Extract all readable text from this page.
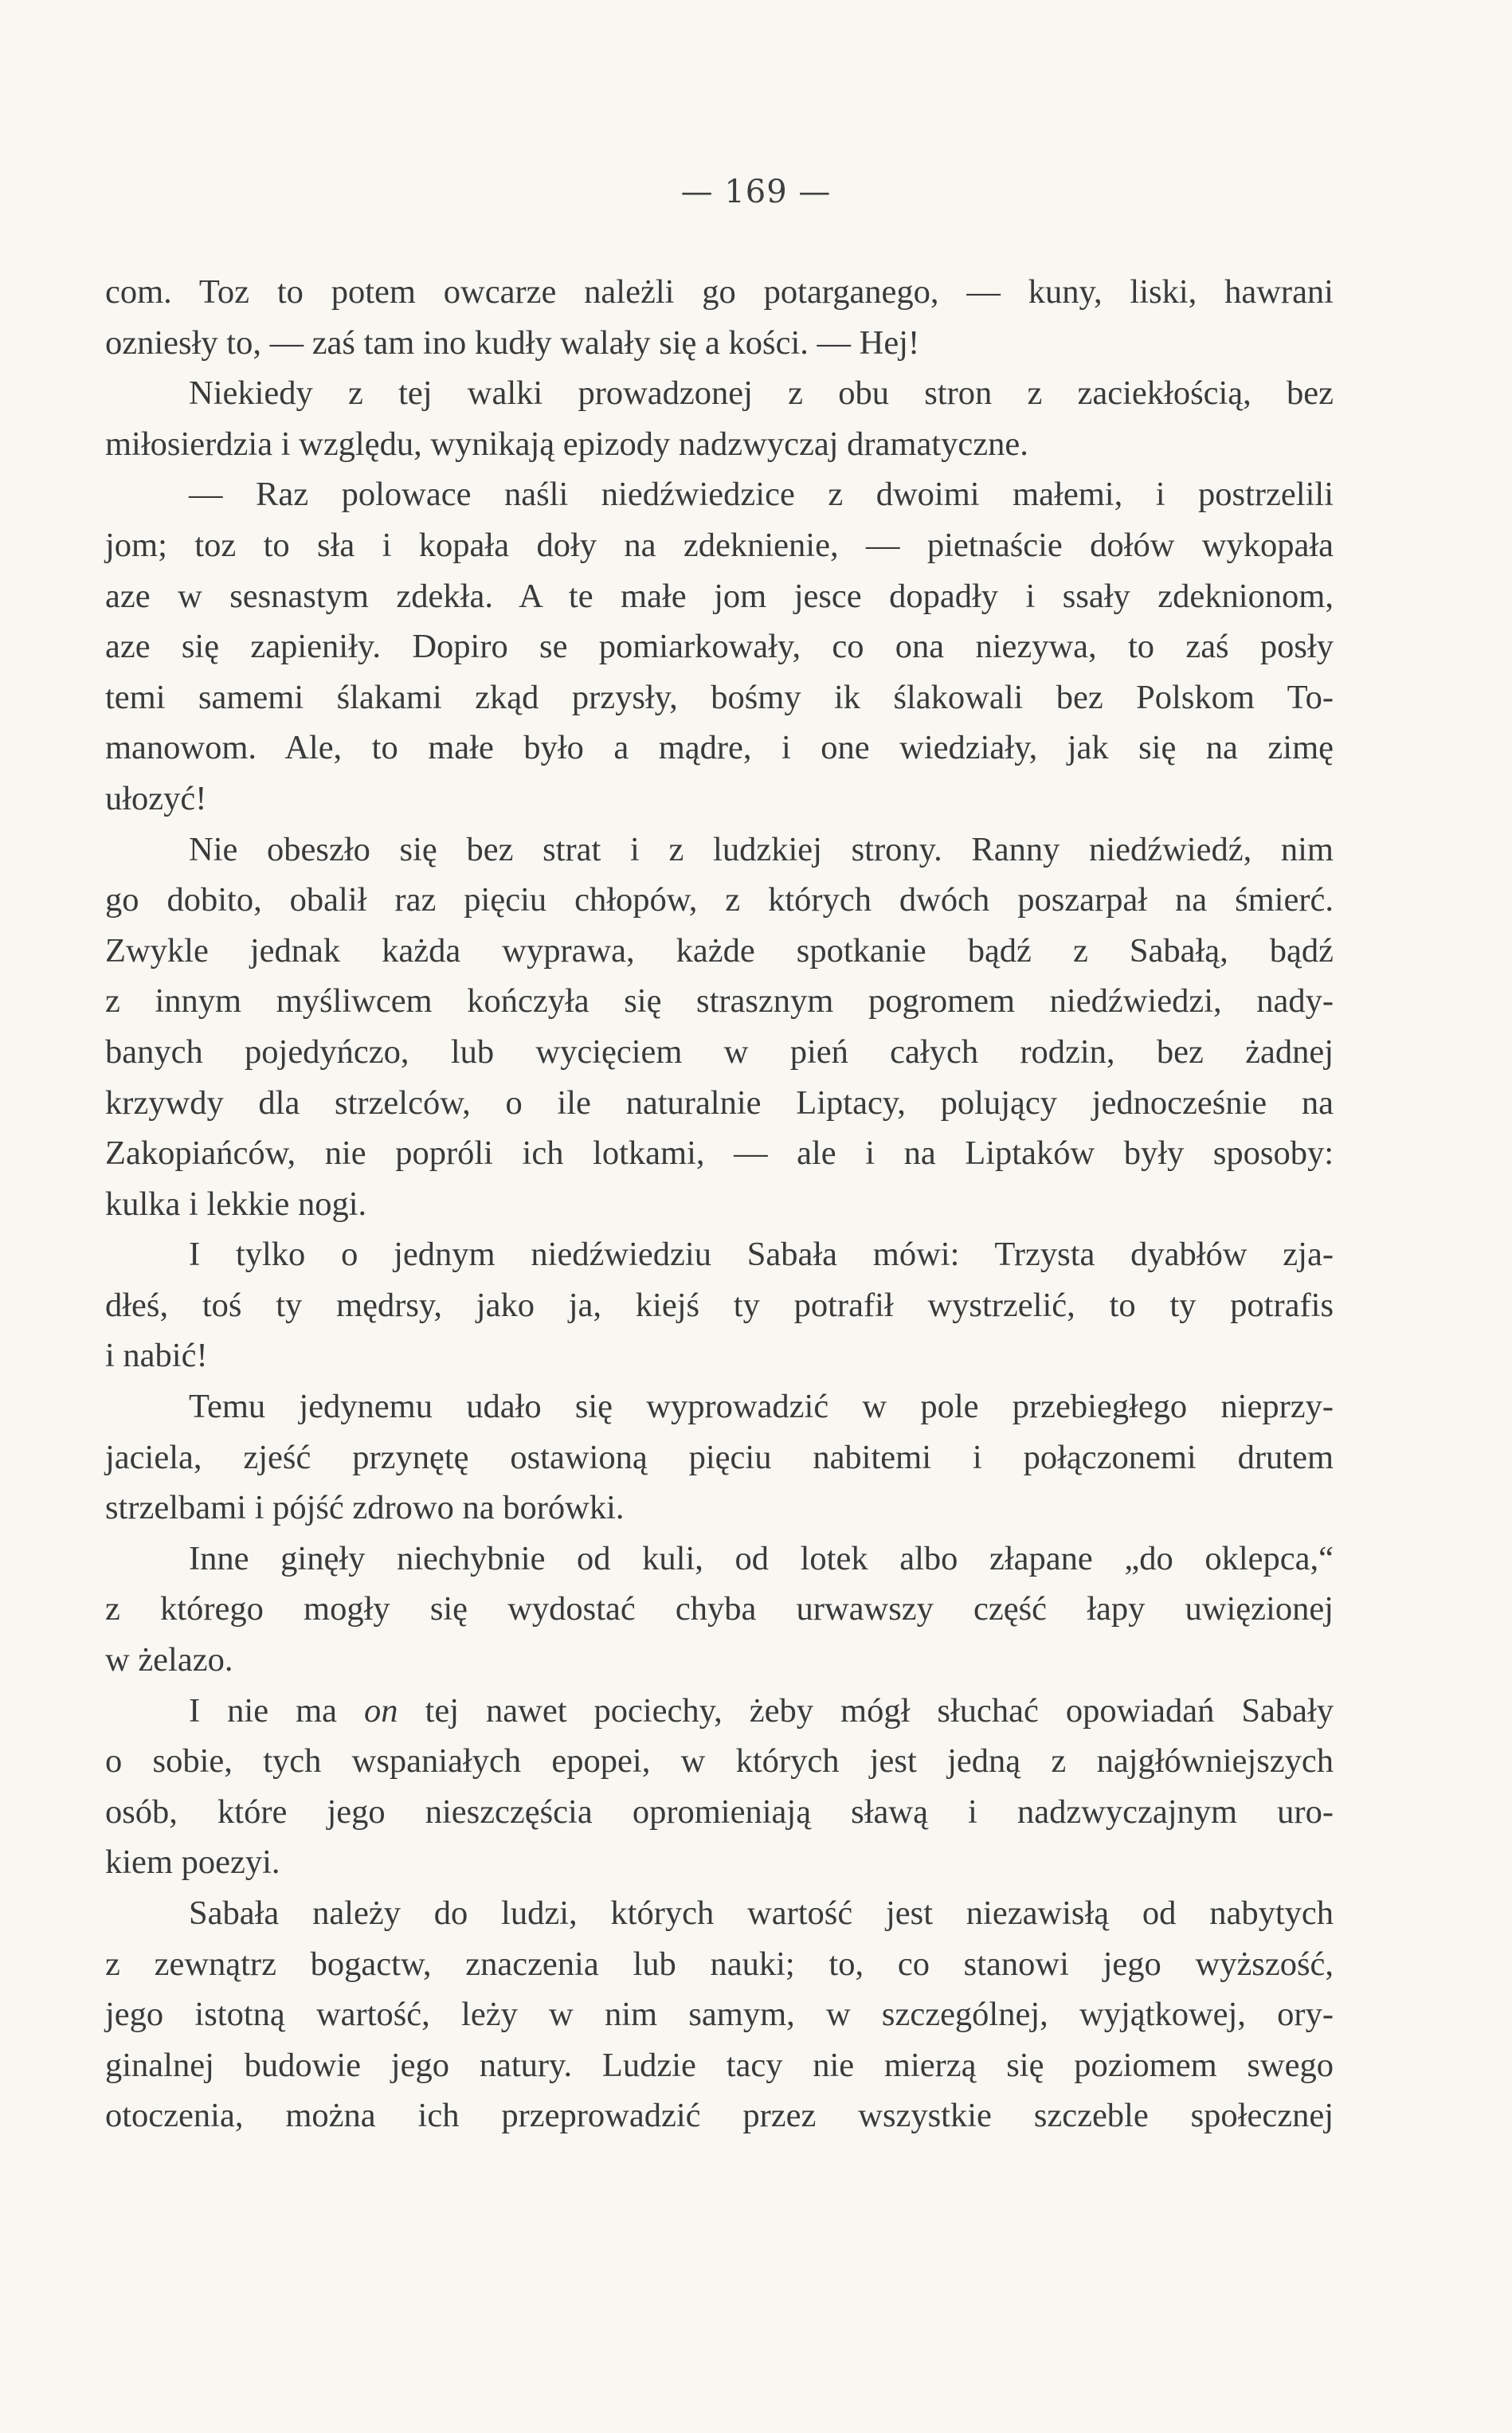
— 169 —
com. Toz to potem owcarze należli go potarganego, — kuny, liski, hawrani
ozniesły to, — zaś tam ino kudły walały się a kości. — Hej!
Niekiedy z tej walki prowadzonej z obu stron z zaciekłością, bez
miłosierdzia i względu, wynikają epizody nadzwyczaj dramatyczne.
— Raz polowace naśli niedźwiedzice z dwoimi małemi, i postrzelili
jom; toz to sła i kopała doły na zdeknienie, — pietnaście dołów wykopała
aze w sesnastym zdekła. A te małe jom jesce dopadły i ssały zdeknionom,
aze się zapieniły. Dopiro se pomiarkowały, co ona niezywa, to zaś posły
temi samemi ślakami zkąd przysły, bośmy ik ślakowali bez Polskom To-
manowom. Ale, to małe było a mądre, i one wiedziały, jak się na zimę
ułozyć!
Nie obeszło się bez strat i z ludzkiej strony. Ranny niedźwiedź, nim
go dobito, obalił raz pięciu chłopów, z których dwóch poszarpał na śmierć.
Zwykle jednak każda wyprawa, każde spotkanie bądź z Sabałą, bądź
z innym myśliwcem kończyła się strasznym pogromem niedźwiedzi, nady-
banych pojedyńczo, lub wycięciem w pień całych rodzin, bez żadnej
krzywdy dla strzelców, o ile naturalnie Liptacy, polujący jednocześnie na
Zakopiańców, nie popróli ich lotkami, — ale i na Liptaków były sposoby:
kulka i lekkie nogi.
I tylko o jednym niedźwiedziu Sabała mówi: Trzysta dyabłów zja-
dłeś, toś ty mędrsy, jako ja, kiejś ty potrafił wystrzelić, to ty potrafis
i nabić!
Temu jedynemu udało się wyprowadzić w pole przebiegłego nieprzy-
jaciela, zjeść przynętę ostawioną pięciu nabitemi i połączonemi drutem
strzelbami i pójść zdrowo na borówki.
Inne ginęły niechybnie od kuli, od lotek albo złapane „do oklepca,“
z którego mogły się wydostać chyba urwawszy część łapy uwięzionej
w żelazo.
I nie ma on tej nawet pociechy, żeby mógł słuchać opowiadań Sabały
o sobie, tych wspaniałych epopei, w których jest jedną z najgłówniejszych
osób, które jego nieszczęścia opromieniają sławą i nadzwyczajnym uro-
kiem poezyi.
Sabała należy do ludzi, których wartość jest niezawisłą od nabytych
z zewnątrz bogactw, znaczenia lub nauki; to, co stanowi jego wyższość,
jego istotną wartość, leży w nim samym, w szczególnej, wyjątkowej, ory-
ginalnej budowie jego natury. Ludzie tacy nie mierzą się poziomem swego
otoczenia, można ich przeprowadzić przez wszystkie szczeble społecznej
